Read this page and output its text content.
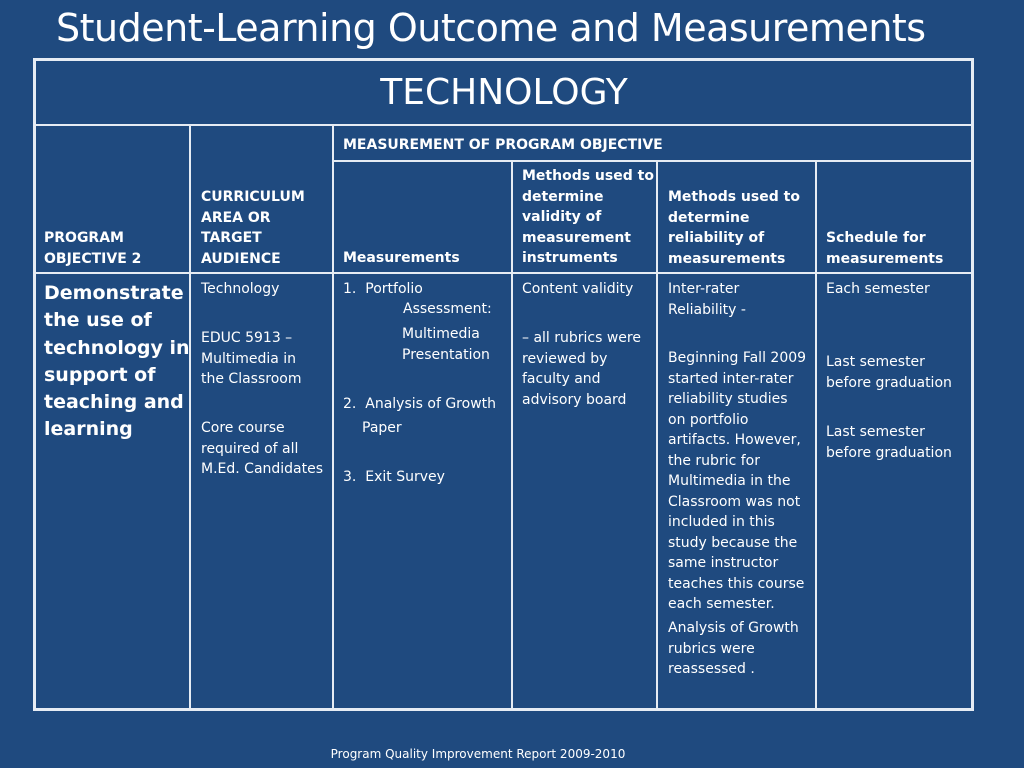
Student-Learning Outcome and Measurements
TECHNOLOGY
PROGRAM
OBJECTIVE 2
CURRICULUM
AREA OR
TARGET
AUDIENCE
MEASUREMENT OF PROGRAM OBJECTIVE
Measurements
Methods used to
determine
validity of
measurement
instruments
Methods used to
determine
reliability of
measurements
Schedule for
measurements
Demonstrate
the use of
technology in
support of
teaching and
learning
Technology
EDUC 5913 –
Multimedia in
the Classroom
Core course
required of all
M.Ed. Candidates
1.  Portfolio
Assessment:
Multimedia
Presentation
2.  Analysis of Growth
Paper
3.  Exit Survey
Content validity
– all rubrics were
reviewed by
faculty and
advisory board
Inter-rater
Reliability -
Beginning Fall 2009
started inter-rater
reliability studies
on portfolio
artifacts. However,
the rubric for
Multimedia in the
Classroom was not
included in this
study because the
same instructor
teaches this course
each semester.
Analysis of Growth
rubrics were
reassessed .
Each semester
Last semester
before graduation
Last semester
before graduation
Program Quality Improvement Report 2009-2010
